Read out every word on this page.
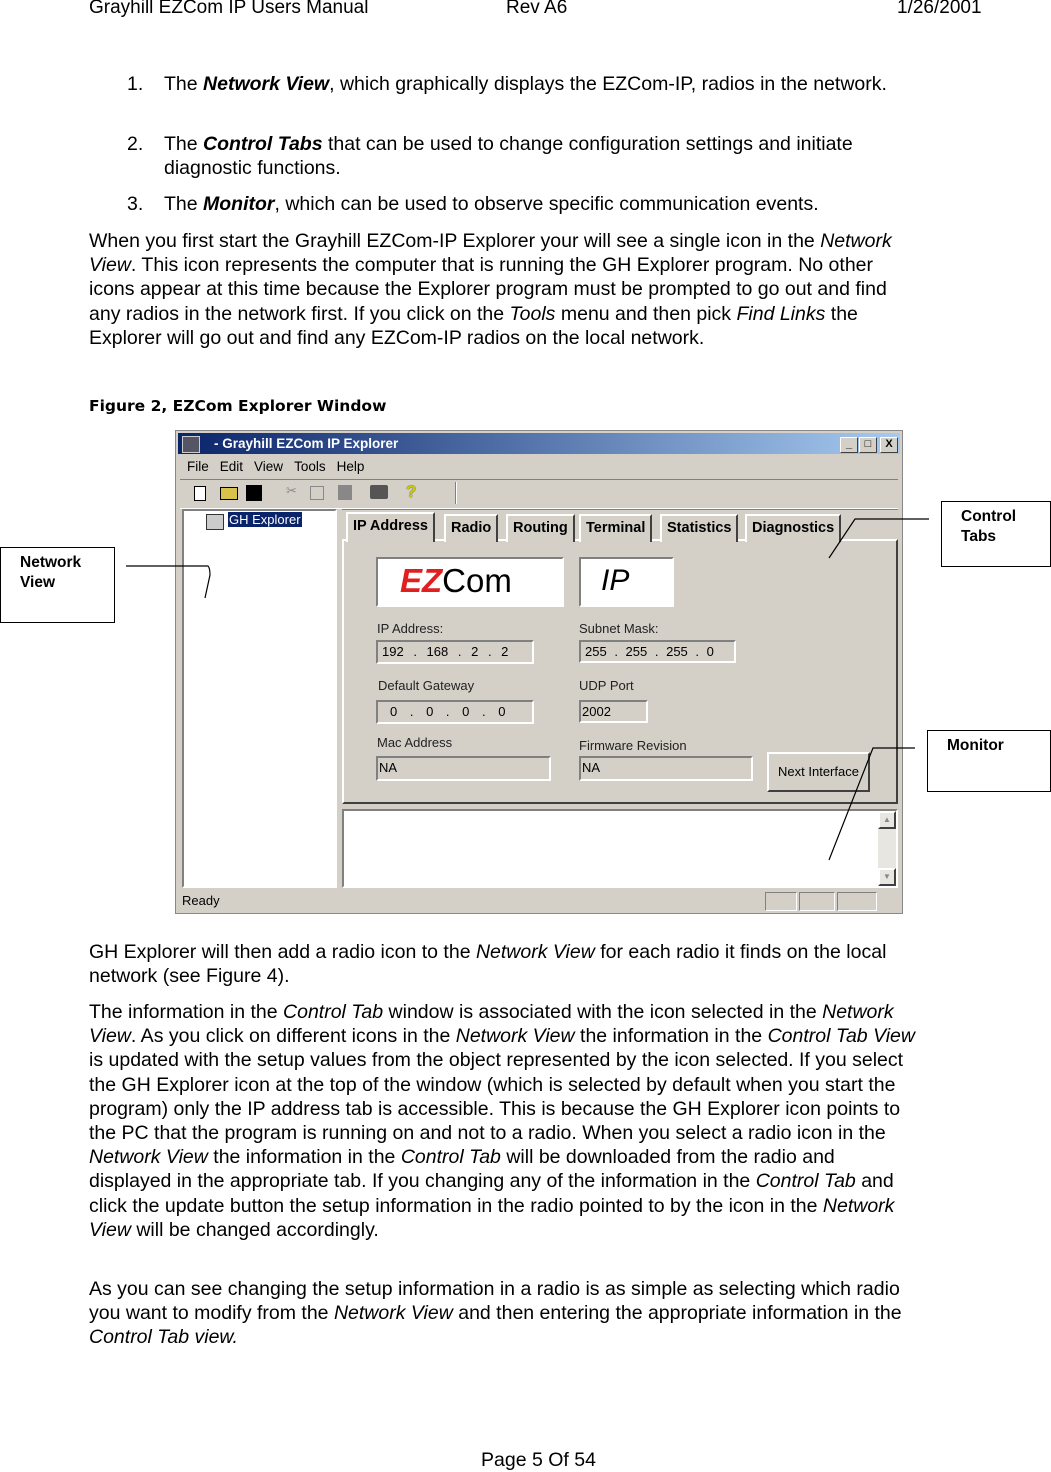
Grayhill EZCom IP Users Manual	Rev A6	1/26/2001
1. The Network View, which graphically displays the EZCom-IP, radios in the network.
2. The Control Tabs that can be used to change configuration settings and initiate diagnostic functions.
3. The Monitor, which can be used to observe specific communication events.
When you first start the Grayhill EZCom-IP Explorer your will see a single icon in the Network View. This icon represents the computer that is running the GH Explorer program. No other icons appear at this time because the Explorer program must be prompted to go out and find any radios in the network first. If you click on the Tools menu and then pick Find Links the Explorer will go out and find any EZCom-IP radios on the local network.
Figure 2, EZCom Explorer Window
- Grayhill EZCom IP Explorer	_	□	X
File Edit View Tools Help
✂	?
GH Explorer
EZCom	IP
IP Address:
192 . 168 . 2 . 2
Subnet Mask:
255 . 255 . 255 . 0
Default Gateway
0 . 0 . 0 . 0
UDP Port
2002
Mac Address
NA
Firmware Revision
NA	Next Interface
IP Address	Radio	Routing	Terminal	Statistics	Diagnostics
▲
▼
Ready
Network View
Control Tabs
Monitor
GH Explorer will then add a radio icon to the Network View for each radio it finds on the local network (see Figure 4).
The information in the Control Tab window is associated with the icon selected in the Network View. As you click on different icons in the Network View the information in the Control Tab View is updated with the setup values from the object represented by the icon selected. If you select the GH Explorer icon at the top of the window (which is selected by default when you start the program) only the IP address tab is accessible. This is because the GH Explorer icon points to the PC that the program is running on and not to a radio. When you select a radio icon in the Network View the information in the Control Tab will be downloaded from the radio and displayed in the appropriate tab. If you changing any of the information in the Control Tab and click the update button the setup information in the radio pointed to by the icon in the Network View will be changed accordingly.
As you can see changing the setup information in a radio is as simple as selecting which radio you want to modify from the Network View and then entering the appropriate information in the Control Tab view.
Page 5 Of 54
